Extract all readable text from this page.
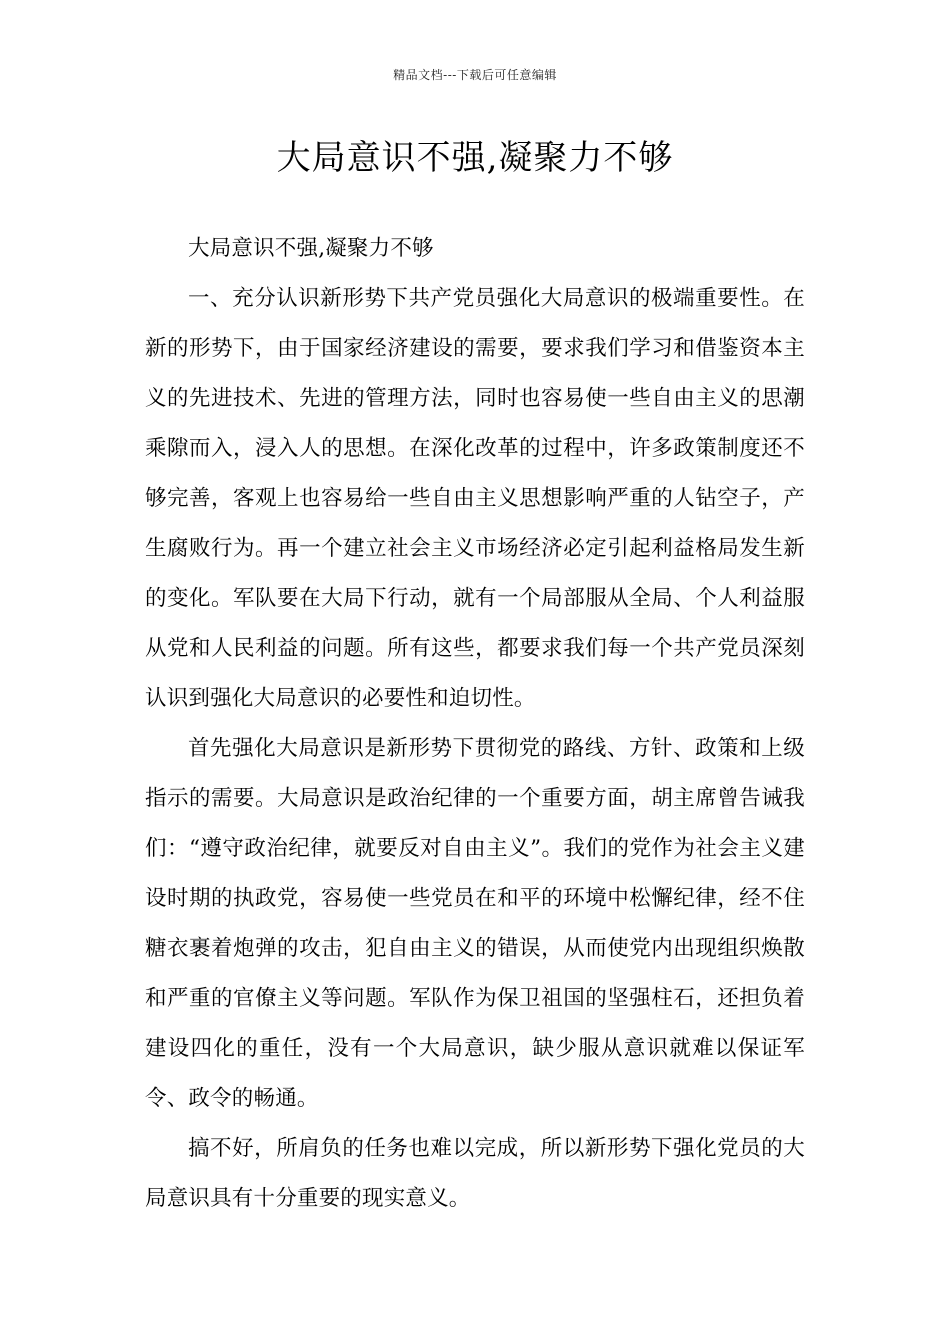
精品文档---下载后可任意编辑
大局意识不强,凝聚力不够

大局意识不强,凝聚力不够

一、充分认识新形势下共产党员强化大局意识的极端重要性。在新的形势下，由于国家经济建设的需要，要求我们学习和借鉴资本主义的先进技术、先进的管理方法，同时也容易使一些自由主义的思潮乘隙而入，浸入人的思想。在深化改革的过程中，许多政策制度还不够完善，客观上也容易给一些自由主义思想影响严重的人钻空子，产生腐败行为。再一个建立社会主义市场经济必定引起利益格局发生新的变化。军队要在大局下行动，就有一个局部服从全局、个人利益服从党和人民利益的问题。所有这些，都要求我们每一个共产党员深刻认识到强化大局意识的必要性和迫切性。

首先强化大局意识是新形势下贯彻党的路线、方针、政策和上级指示的需要。大局意识是政治纪律的一个重要方面，胡主席曾告诫我们：“遵守政治纪律，就要反对自由主义”。我们的党作为社会主义建设时期的执政党，容易使一些党员在和平的环境中松懈纪律，经不住糖衣裹着炮弹的攻击，犯自由主义的错误，从而使党内出现组织焕散和严重的官僚主义等问题。军队作为保卫祖国的坚强柱石，还担负着建设四化的重任，没有一个大局意识，缺少服从意识就难以保证军令、政令的畅通。

搞不好，所肩负的任务也难以完成，所以新形势下强化党员的大局意识具有十分重要的现实意义。
